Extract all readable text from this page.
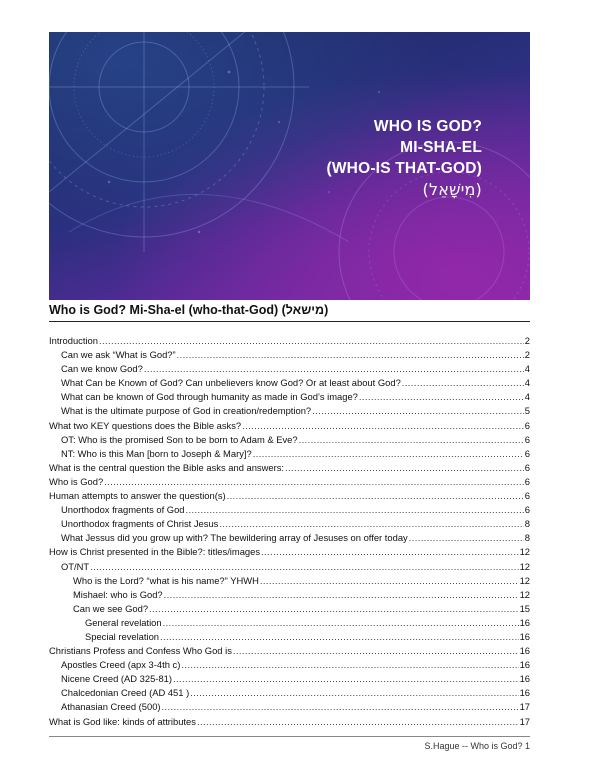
WHO IS GOD?
MI-SHA-EL
(WHO-IS THAT-GOD)
(מִישָׁאֵל)
Who is God? Mi-Sha-el (who-that-God) (מישאל)
Introduction .....	2
Can we ask “What is God?” .....	2
Can we know God? .....	4
What Can be Known of God? Can unbelievers know God? Or at least about God? .....	4
What can be known of God through humanity as made in God’s image? .....	4
What is the ultimate purpose of God in creation/redemption? .....	5
What two KEY questions does the Bible asks? .....	6
OT: Who is the promised Son to be born to Adam & Eve? .....	6
NT: Who is this Man [born to Joseph & Mary]? .....	6
What is the central question the Bible asks and answers: .....	6
Who is God? .....	6
Human attempts to answer the question(s) .....	6
Unorthodox fragments of God .....	6
Unorthodox fragments of Christ Jesus .....	8
What Jessus did you grow up with? The bewildering array of Jesuses on offer today .....	8
How is Christ presented in the Bible?: titles/images .....	12
OT/NT .....	12
Who is the Lord? “what is his name?” YHWH .....	12
Mishael: who is God? .....	12
Can we see God? .....	15
General revelation .....	16
Special revelation .....	16
Christians Profess and Confess Who God is .....	16
Apostles Creed (apx 3-4th c) .....	16
Nicene Creed (AD 325-81) .....	16
Chalcedonian Creed (AD 451 ) .....	16
Athanasian Creed (500) .....	17
What is God like: kinds of attributes .....	17
S.Hague -- Who is God? 1
